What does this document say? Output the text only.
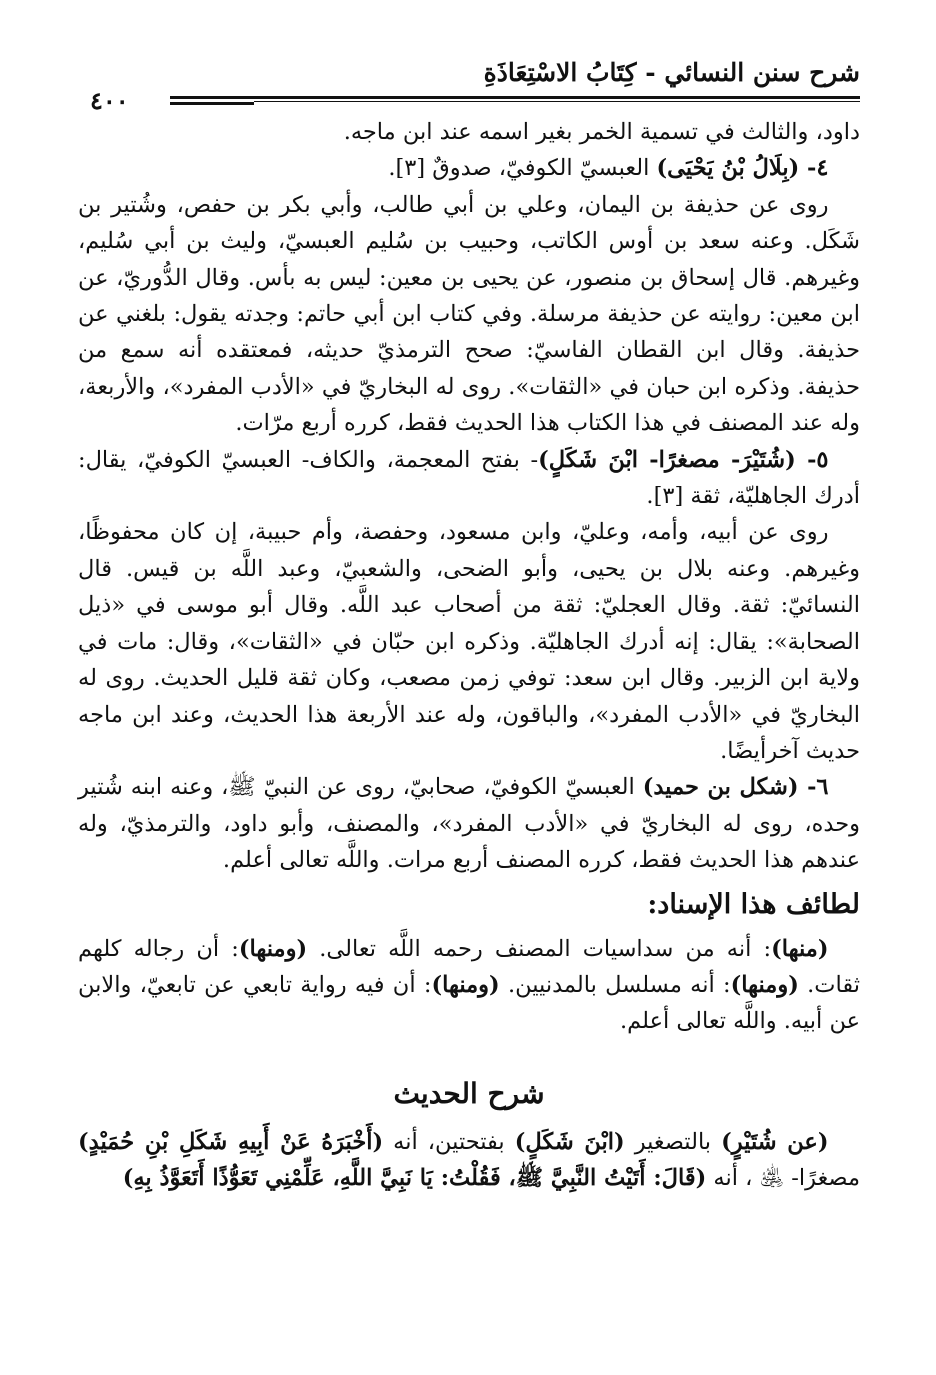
شرح سنن النسائي - كِتَابُ الاسْتِعَاذَةِ
٤٠٠

داود، والثالث في تسمية الخمر بغير اسمه عند ابن ماجه.

٤- (بِلَالُ بْنُ يَحْيَى) العبسيّ الكوفيّ، صدوقٌ [٣].

روى عن حذيفة بن اليمان، وعلي بن أبي طالب، وأبي بكر بن حفص، وشُتير بن شَكَل. وعنه سعد بن أوس الكاتب، وحبيب بن سُليم العبسيّ، وليث بن أبي سُليم، وغيرهم. قال إسحاق بن منصور، عن يحيى بن معين: ليس به بأس. وقال الدُّوريّ، عن ابن معين: روايته عن حذيفة مرسلة. وفي كتاب ابن أبي حاتم: وجدته يقول: بلغني عن حذيفة. وقال ابن القطان الفاسيّ: صحح الترمذيّ حديثه، فمعتقده أنه سمع من حذيفة. وذكره ابن حبان في «الثقات». روى له البخاريّ في «الأدب المفرد»، والأربعة، وله عند المصنف في هذا الكتاب هذا الحديث فقط، كرره أربع مرّات.

٥- (شُتَيْرَ- مصغرًا- ابْنَ شَكَلٍ)- بفتح المعجمة، والكاف- العبسيّ الكوفيّ، يقال: أدرك الجاهليّة، ثقة [٣].

روى عن أبيه، وأمه، وعليّ، وابن مسعود، وحفصة، وأم حبيبة، إن كان محفوظًا، وغيرهم. وعنه بلال بن يحيى، وأبو الضحى، والشعبيّ، وعبد اللَّه بن قيس. قال النسائيّ: ثقة. وقال العجليّ: ثقة من أصحاب عبد اللَّه. وقال أبو موسى في «ذيل الصحابة»: يقال: إنه أدرك الجاهليّة. وذكره ابن حبّان في «الثقات»، وقال: مات في ولاية ابن الزبير. وقال ابن سعد: توفي زمن مصعب، وكان ثقة قليل الحديث. روى له البخاريّ في «الأدب المفرد»، والباقون، وله عند الأربعة هذا الحديث، وعند ابن ماجه حديث آخرأيضًا.

٦- (شكل بن حميد) العبسيّ الكوفيّ، صحابيّ، روى عن النبيّ ﷺ، وعنه ابنه شُتير وحده، روى له البخاريّ في «الأدب المفرد»، والمصنف، وأبو داود، والترمذيّ، وله عندهم هذا الحديث فقط، كرره المصنف أربع مرات. واللَّه تعالى أعلم.

لطائف هذا الإسناد:

(منها): أنه من سداسيات المصنف رحمه اللَّه تعالى. (ومنها): أن رجاله كلهم ثقات. (ومنها): أنه مسلسل بالمدنيين. (ومنها): أن فيه رواية تابعي عن تابعيّ، والابن عن أبيه. واللَّه تعالى أعلم.

شرح الحديث

(عن شُتَيْرٍ) بالتصغير (ابْنَ شَكَلٍ) بفتحتين، أنه (أَخْبَرَهُ عَنْ أَبِيهِ شَكَلِ بْنِ حُمَيْدٍ) مصغرًا- ﵁ ، أنه (قَالَ: أَتَيْتُ النَّبِيَّ ﷺ، فَقُلْتُ: يَا نَبِيَّ اللَّهِ، عَلِّمْنِي تَعَوُّذًا أَتَعَوَّذُ بِهِ)
